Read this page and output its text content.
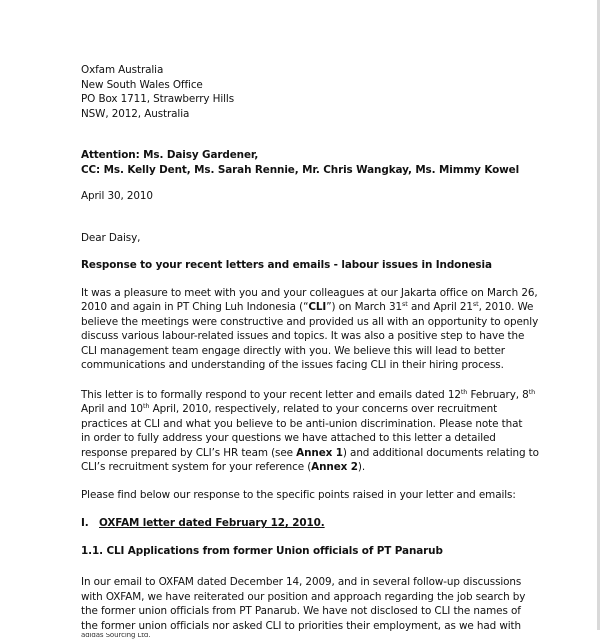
Oxfam Australia
New South Wales Office
PO Box 1711, Strawberry Hills
NSW, 2012, Australia
Attention: Ms. Daisy Gardener,
CC: Ms. Kelly Dent, Ms. Sarah Rennie, Mr. Chris Wangkay, Ms. Mimmy Kowel
April 30, 2010
Dear Daisy,
Response to your recent letters and emails - labour issues in Indonesia
It was a pleasure to meet with you and your colleagues at our Jakarta office on March 26,
2010 and again in PT Ching Luh Indonesia (“CLI”) on March 31st and April 21st, 2010. We
believe the meetings were constructive and provided us all with an opportunity to openly
discuss various labour-related issues and topics. It was also a positive step to have the
CLI management team engage directly with you. We believe this will lead to better
communications and understanding of the issues facing CLI in their hiring process.
This letter is to formally respond to your recent letter and emails dated 12th February, 8th
April and 10th April, 2010, respectively, related to your concerns over recruitment
practices at CLI and what you believe to be anti-union discrimination. Please note that
in order to fully address your questions we have attached to this letter a detailed
response prepared by CLI’s HR team (see Annex 1) and additional documents relating to
CLI’s recruitment system for your reference (Annex 2).
Please find below our response to the specific points raised in your letter and emails:
I. OXFAM letter dated February 12, 2010.
1.1. CLI Applications from former Union officials of PT Panarub
In our email to OXFAM dated December 14, 2009, and in several follow-up discussions
with OXFAM, we have reiterated our position and approach regarding the job search by
the former union officials from PT Panarub. We have not disclosed to CLI the names of
the former union officials nor asked CLI to priorities their employment, as we had with
adidas Sourcing Ltd.
